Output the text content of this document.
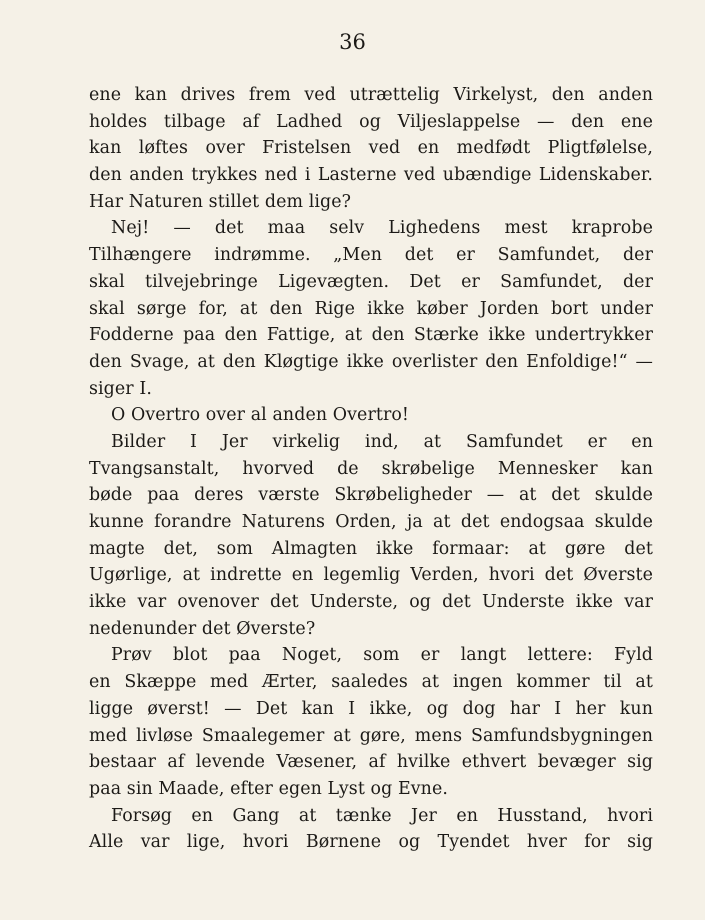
36
ene kan drives frem ved utrættelig Virkelyst, den anden
holdes tilbage af Ladhed og Viljeslappelse — den ene
kan løftes over Fristelsen ved en medfødt Pligtfølelse,
den anden trykkes ned i Lasterne ved ubændige Lidenskaber.
Har Naturen stillet dem lige?
Nej! — det maa selv Lighedens mest kraprobe
Tilhængere indrømme. „Men det er Samfundet, der
skal tilvejebringe Ligevægten. Det er Samfundet, der
skal sørge for, at den Rige ikke køber Jorden bort under
Fodderne paa den Fattige, at den Stærke ikke undertrykker
den Svage, at den Kløgtige ikke overlister den Enfoldige!“ —
siger I.
O Overtro over al anden Overtro!
Bilder I Jer virkelig ind, at Samfundet er en
Tvangsanstalt, hvorved de skrøbelige Mennesker kan
bøde paa deres værste Skrøbeligheder — at det skulde
kunne forandre Naturens Orden, ja at det endogsaa skulde
magte det, som Almagten ikke formaar: at gøre det
Ugørlige, at indrette en legemlig Verden, hvori det Øverste
ikke var ovenover det Underste, og det Underste ikke var
nedenunder det Øverste?
Prøv blot paa Noget, som er langt lettere: Fyld
en Skæppe med Ærter, saaledes at ingen kommer til at
ligge øverst! — Det kan I ikke, og dog har I her kun
med livløse Smaalegemer at gøre, mens Samfundsbygningen
bestaar af levende Væsener, af hvilke ethvert bevæger sig
paa sin Maade, efter egen Lyst og Evne.
Forsøg en Gang at tænke Jer en Husstand, hvori
Alle var lige, hvori Børnene og Tyendet hver for sig
